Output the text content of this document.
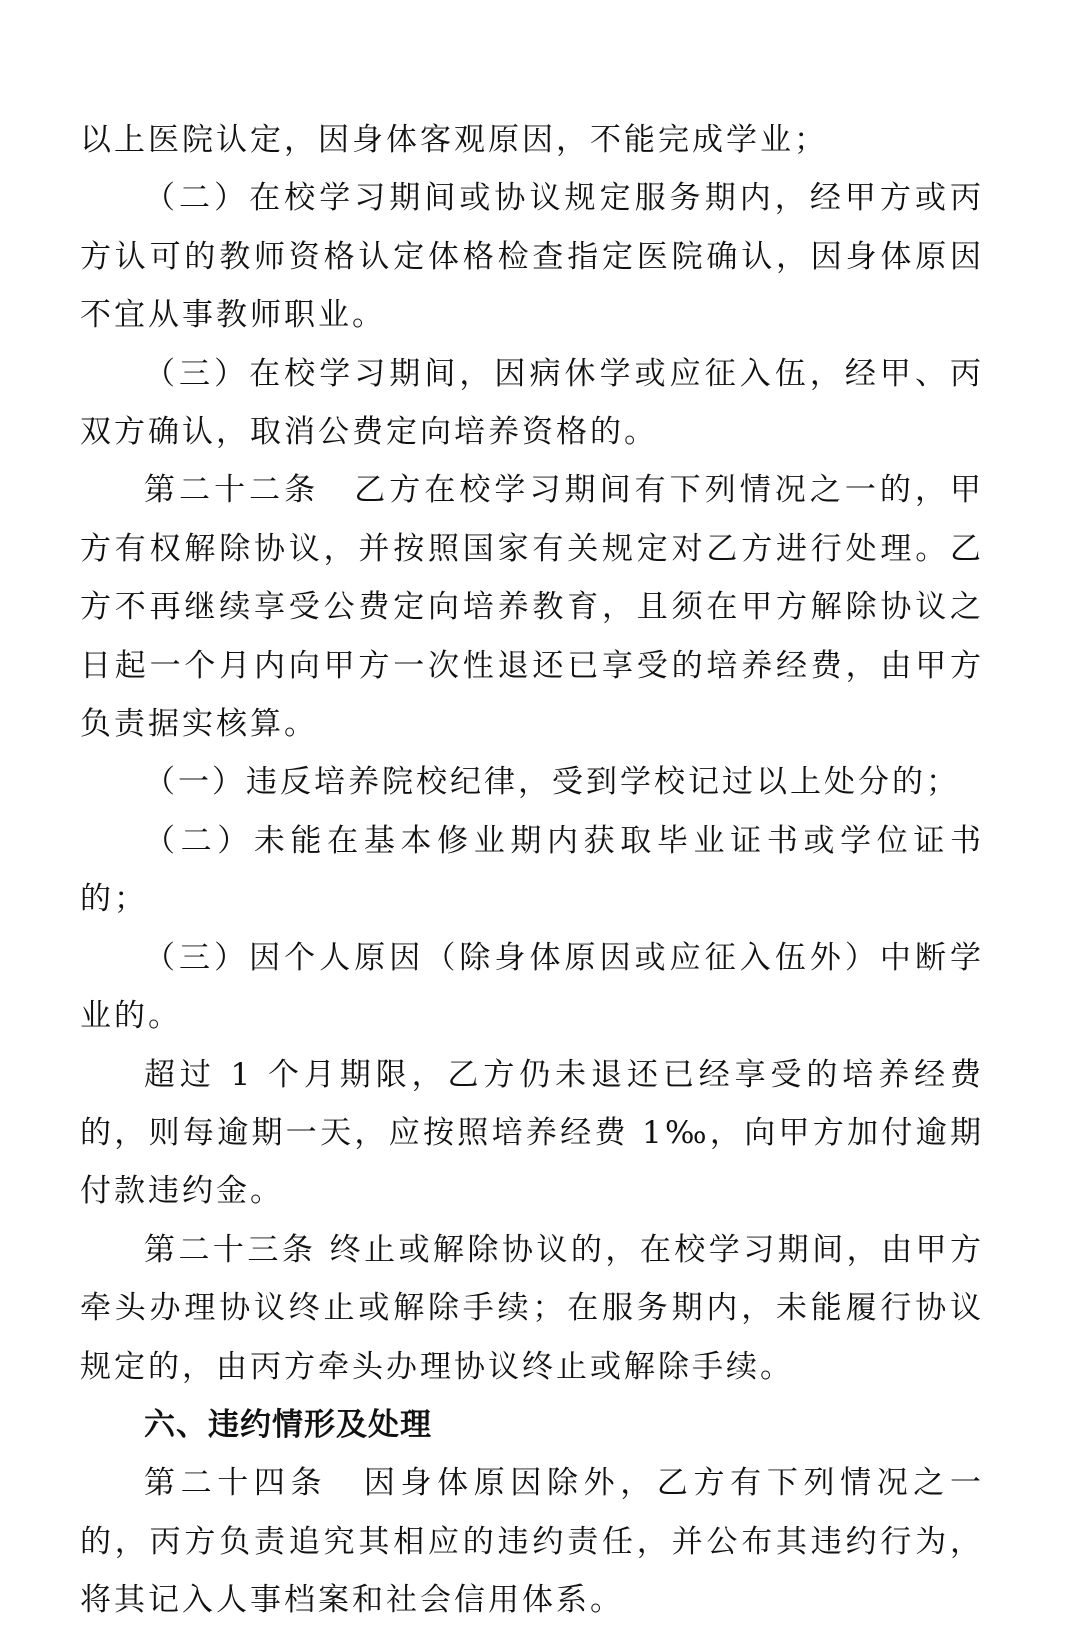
以上医院认定，因身体客观原因，不能完成学业；

（二）在校学习期间或协议规定服务期内，经甲方或丙方认可的教师资格认定体格检查指定医院确认，因身体原因不宜从事教师职业。

（三）在校学习期间，因病休学或应征入伍，经甲、丙双方确认，取消公费定向培养资格的。

第二十二条　乙方在校学习期间有下列情况之一的，甲方有权解除协议，并按照国家有关规定对乙方进行处理。乙方不再继续享受公费定向培养教育，且须在甲方解除协议之日起一个月内向甲方一次性退还已享受的培养经费，由甲方负责据实核算。

（一）违反培养院校纪律，受到学校记过以上处分的；

（二）未能在基本修业期内获取毕业证书或学位证书的；

（三）因个人原因（除身体原因或应征入伍外）中断学业的。

超过 1 个月期限，乙方仍未退还已经享受的培养经费的，则每逾期一天，应按照培养经费 1‰，向甲方加付逾期付款违约金。

第二十三条 终止或解除协议的，在校学习期间，由甲方牵头办理协议终止或解除手续；在服务期内，未能履行协议规定的，由丙方牵头办理协议终止或解除手续。

六、违约情形及处理

第二十四条　因身体原因除外，乙方有下列情况之一的，丙方负责追究其相应的违约责任，并公布其违约行为，将其记入人事档案和社会信用体系。
